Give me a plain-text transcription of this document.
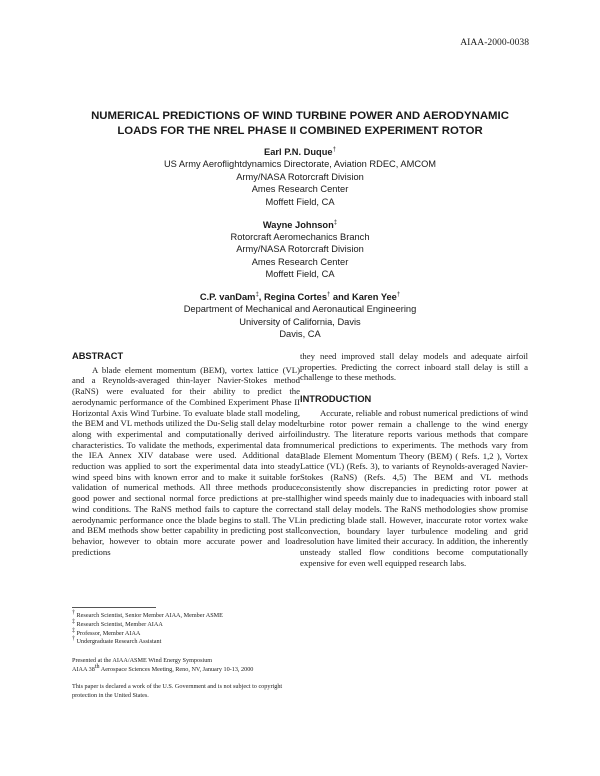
AIAA-2000-0038
NUMERICAL PREDICTIONS OF WIND TURBINE POWER AND AERODYNAMIC
LOADS FOR THE NREL PHASE II COMBINED EXPERIMENT ROTOR
Earl P.N. Duque†
US Army Aeroflightdynamics Directorate, Aviation RDEC, AMCOM
Army/NASA Rotorcraft Division
Ames Research Center
Moffett Field, CA
Wayne Johnson‡
Rotorcraft Aeromechanics Branch
Army/NASA Rotorcraft Division
Ames Research Center
Moffett Field, CA
C.P. vanDam‡, Regina Cortes† and Karen Yee†
Department of Mechanical and Aeronautical Engineering
University of California, Davis
Davis, CA
ABSTRACT

A blade element momentum (BEM), vortex lattice (VL) and a Reynolds-averaged thin-layer Navier-Stokes method (RaNS) were evaluated for their ability to predict the aerodynamic performance of the Combined Experiment Phase II Horizontal Axis Wind Turbine. To evaluate blade stall modeling, the BEM and VL methods utilized the Du-Selig stall delay model along with experimental and computationally derived airfoil characteristics. To validate the methods, experimental data from the IEA Annex XIV database were used. Additional data reduction was applied to sort the experimental data into steady wind speed bins with known error and to make it suitable for validation of numerical methods. All three methods produce good power and sectional normal force predictions at pre-stall wind conditions. The RaNS method fails to capture the correct aerodynamic performance once the blade begins to stall. The VL and BEM methods show better capability in predicting post stall behavior, however to obtain more accurate power and load predictions

they need improved stall delay models and adequate airfoil properties. Predicting the correct inboard stall delay is still a challenge to these methods.

INTRODUCTION

Accurate, reliable and robust numerical predictions of wind turbine rotor power remain a challenge to the wind energy industry. The literature reports various methods that compare numerical predictions to experiments. The methods vary from Blade Element Momentum Theory (BEM) ( Refs. 1,2 ), Vortex Lattice (VL) (Refs. 3), to variants of Reynolds-averaged Navier-Stokes (RaNS) (Refs. 4,5) The BEM and VL methods consistently show discrepancies in predicting rotor power at higher wind speeds mainly due to inadequacies with inboard stall and stall delay models. The RaNS methodologies show promise in predicting blade stall. However, inaccurate rotor vortex wake convection, boundary layer turbulence modeling and grid resolution have limited their accuracy. In addition, the inherently unsteady stalled flow conditions become computationally expensive for even well equipped research labs.

† Research Scientist, Senior Member AIAA, Member ASME
‡ Research Scientist, Member AIAA
‡ Professor, Member AIAA
† Undergraduate Research Assistant
Presented at the AIAA/ASME Wind Energy Symposium
AIAA 38th Aerospace Sciences Meeting, Reno, NV, January 10-13, 2000
This paper is declared a work of the U.S. Government and is not subject to copyright protection in the United States.
